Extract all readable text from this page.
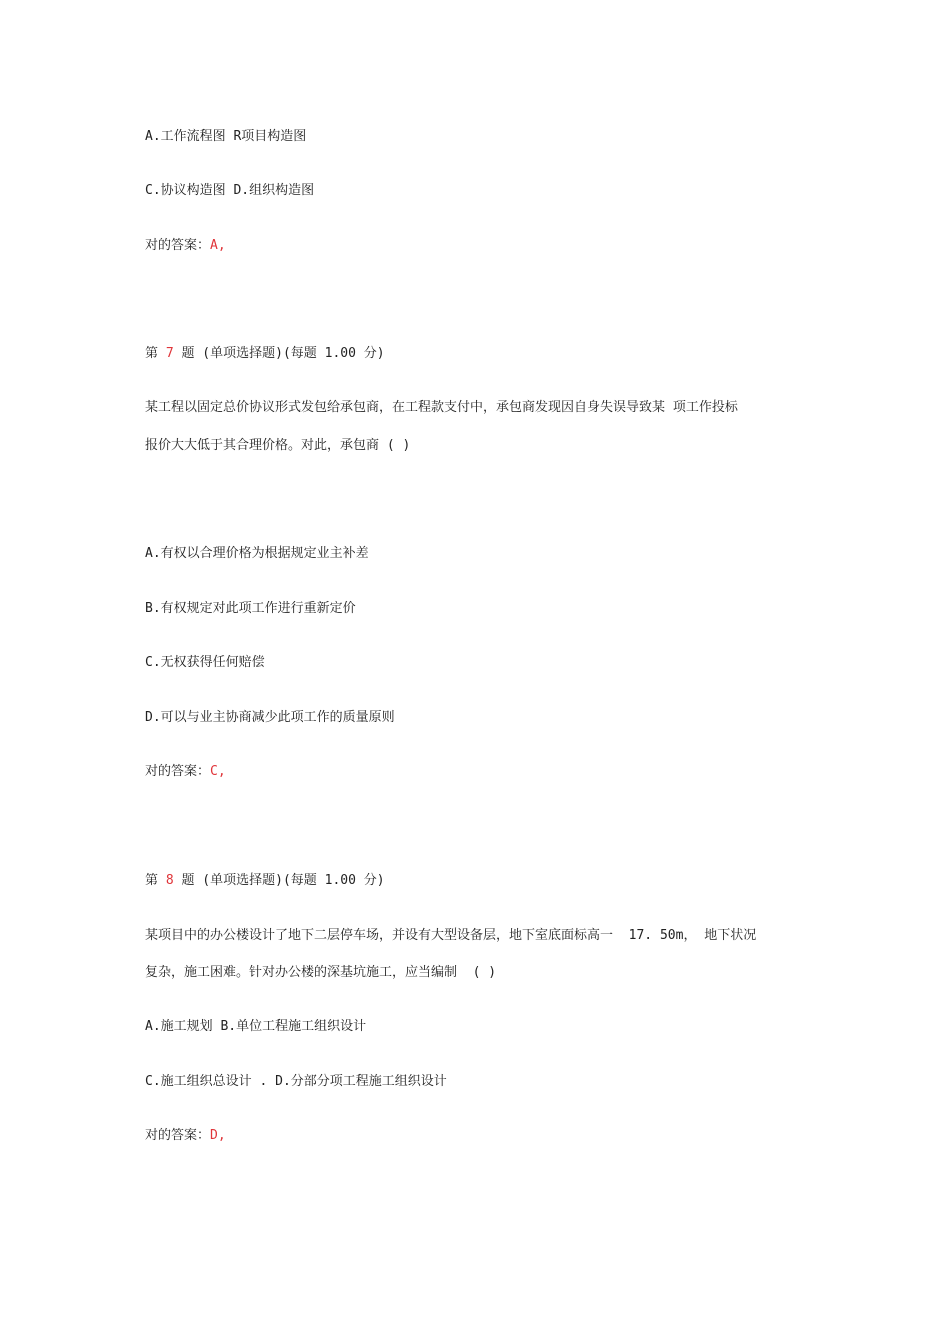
A.工作流程图 R项目构造图
C.协议构造图 D.组织构造图
对的答案：A,
第 7 题 (单项选择题)(每题 1.00 分)
某工程以固定总价协议形式发包给承包商，在工程款支付中，承包商发现因自身失误导致某 项工作投标
报价大大低于其合理价格。对此，承包商 ( )
A.有权以合理价格为根据规定业主补差
B.有权规定对此项工作进行重新定价
C.无权获得任何赔偿
D.可以与业主协商减少此项工作的质量原则
对的答案：C,
第 8 题 (单项选择题)(每题 1.00 分)
某项目中的办公楼设计了地下二层停车场，并设有大型设备层，地下室底面标高一  17. 50m， 地下状况
复杂，施工困难。针对办公楼的深基坑施工，应当编制  ( )
A.施工规划 B.单位工程施工组织设计
C.施工组织总设计 . D.分部分项工程施工组织设计
对的答案：D,
